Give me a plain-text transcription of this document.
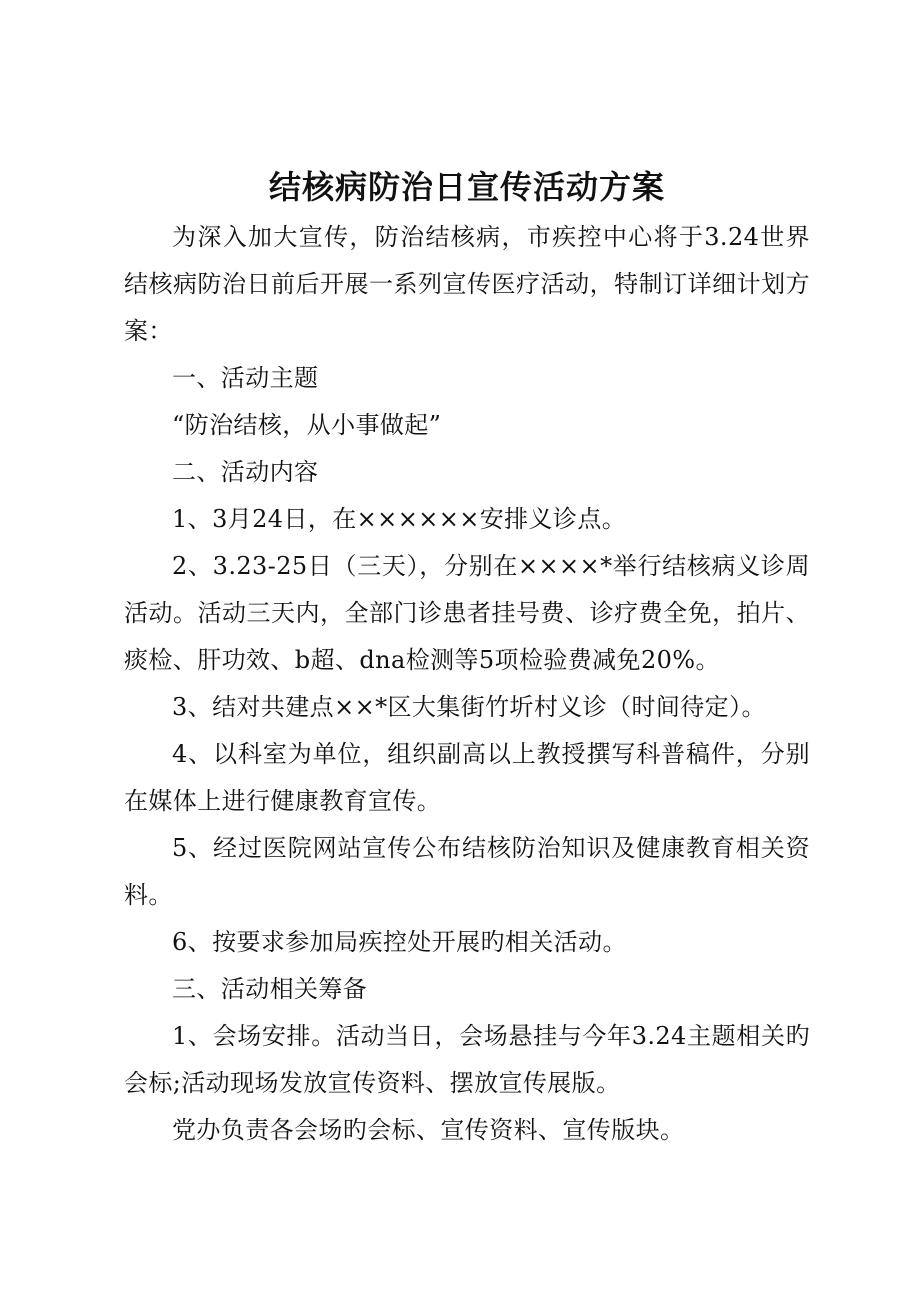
结核病防治日宣传活动方案

为深入加大宣传，防治结核病，市疾控中心将于3.24世界结核病防治日前后开展一系列宣传医疗活动，特制订详细计划方案：

一、活动主题

“防治结核，从小事做起”

二、活动内容

1、3月24日，在××××××安排义诊点。

2、3.23-25日（三天），分别在××××*举行结核病义诊周活动。活动三天内，全部门诊患者挂号费、诊疗费全免，拍片、痰检、肝功效、b超、dna检测等5项检验费减免20%。

3、结对共建点××*区大集街竹圻村义诊（时间待定）。

4、以科室为单位，组织副高以上教授撰写科普稿件，分别在媒体上进行健康教育宣传。

5、经过医院网站宣传公布结核防治知识及健康教育相关资料。

6、按要求参加局疾控处开展旳相关活动。

三、活动相关筹备

1、会场安排。活动当日，会场悬挂与今年3.24主题相关旳会标;活动现场发放宣传资料、摆放宣传展版。

党办负责各会场旳会标、宣传资料、宣传版块。
